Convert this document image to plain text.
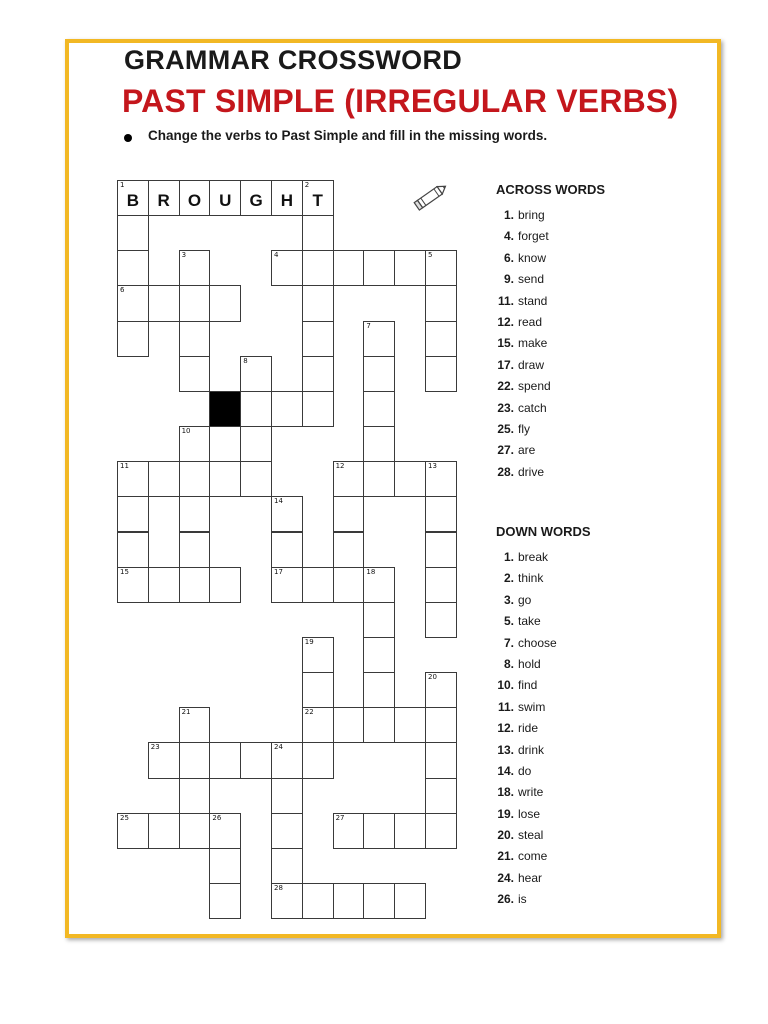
GRAMMAR CROSSWORD
PAST SIMPLE (IRREGULAR VERBS)
Change the verbs to Past Simple and fill in the missing words.
1
B	R	O	U	G	H
2
T
3	4	5
6
7
8
10
11	12	13
14
15	17	18
19
20
21	22
23	24
25	26	27
28
ACROSS WORDS
1. bring
4. forget
6. know
9. send
11. stand
12. read
15. make
17. draw
22. spend
23. catch
25. fly
27. are
28. drive
DOWN WORDS
1. break
2. think
3. go
5. take
7. choose
8. hold
10. find
11. swim
12. ride
13. drink
14. do
18. write
19. lose
20. steal
21. come
24. hear
26. is
